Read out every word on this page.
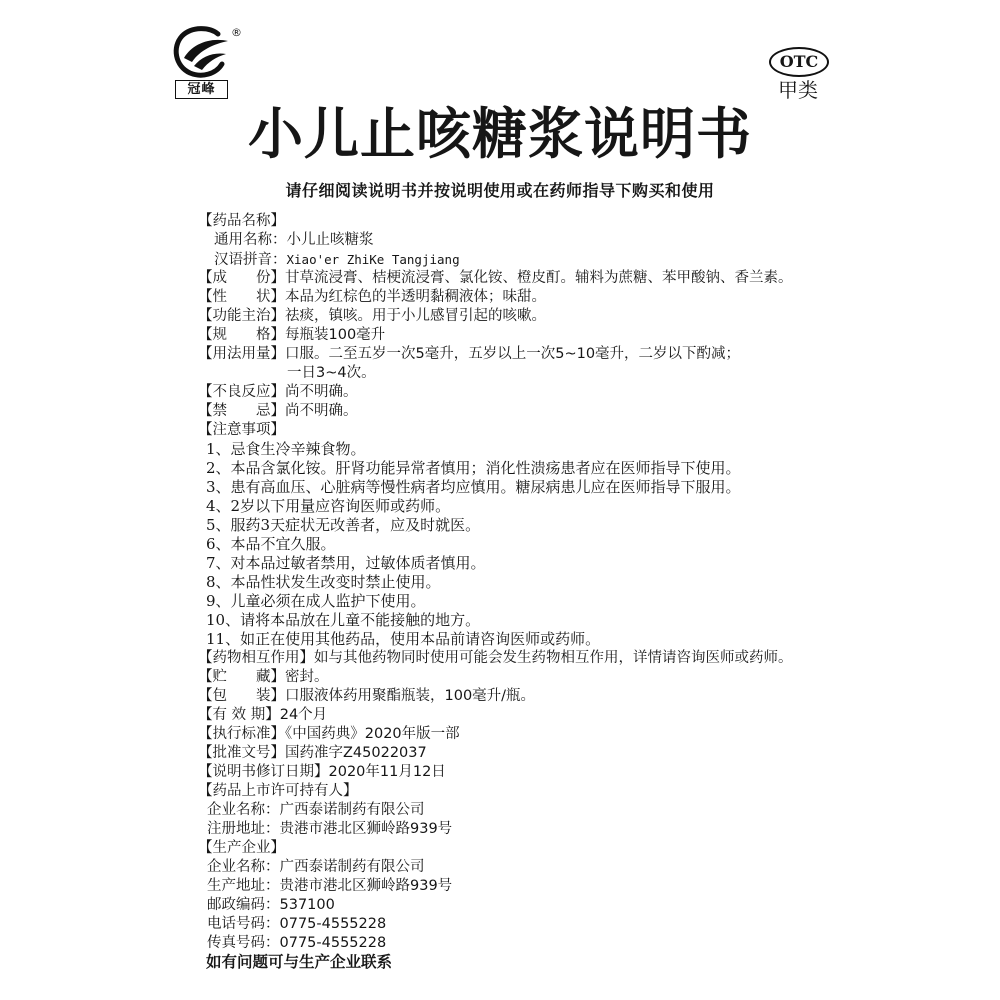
®
冠峰
OTC
甲类
小儿止咳糖浆说明书
请仔细阅读说明书并按说明使用或在药师指导下购买和使用
【药品名称】
通用名称：小儿止咳糖浆
汉语拼音：Xiao'er ZhiKe Tangjiang
【成　　份】甘草流浸膏、桔梗流浸膏、氯化铵、橙皮酊。辅料为蔗糖、苯甲酸钠、香兰素。
【性　　状】本品为红棕色的半透明黏稠液体；味甜。
【功能主治】祛痰，镇咳。用于小儿感冒引起的咳嗽。
【规　　格】每瓶装100毫升
【用法用量】口服。二至五岁一次5毫升，五岁以上一次5~10毫升，二岁以下酌减；
一日3~4次。
【不良反应】尚不明确。
【禁　　忌】尚不明确。
【注意事项】
1、忌食生冷辛辣食物。
2、本品含氯化铵。肝肾功能异常者慎用；消化性溃疡患者应在医师指导下使用。
3、患有高血压、心脏病等慢性病者均应慎用。糖尿病患儿应在医师指导下服用。
4、2岁以下用量应咨询医师或药师。
5、服药3天症状无改善者，应及时就医。
6、本品不宜久服。
7、对本品过敏者禁用，过敏体质者慎用。
8、本品性状发生改变时禁止使用。
9、儿童必须在成人监护下使用。
10、请将本品放在儿童不能接触的地方。
11、如正在使用其他药品，使用本品前请咨询医师或药师。
【药物相互作用】如与其他药物同时使用可能会发生药物相互作用，详情请咨询医师或药师。
【贮　　藏】密封。
【包　　装】口服液体药用聚酯瓶装，100毫升/瓶。
【有 效 期】24个月
【执行标准】《中国药典》2020年版一部
【批准文号】国药准字Z45022037
【说明书修订日期】2020年11月12日
【药品上市许可持有人】
企业名称：广西泰诺制药有限公司
注册地址：贵港市港北区狮岭路939号
【生产企业】
企业名称：广西泰诺制药有限公司
生产地址：贵港市港北区狮岭路939号
邮政编码：537100
电话号码：0775-4555228
传真号码：0775-4555228
如有问题可与生产企业联系
